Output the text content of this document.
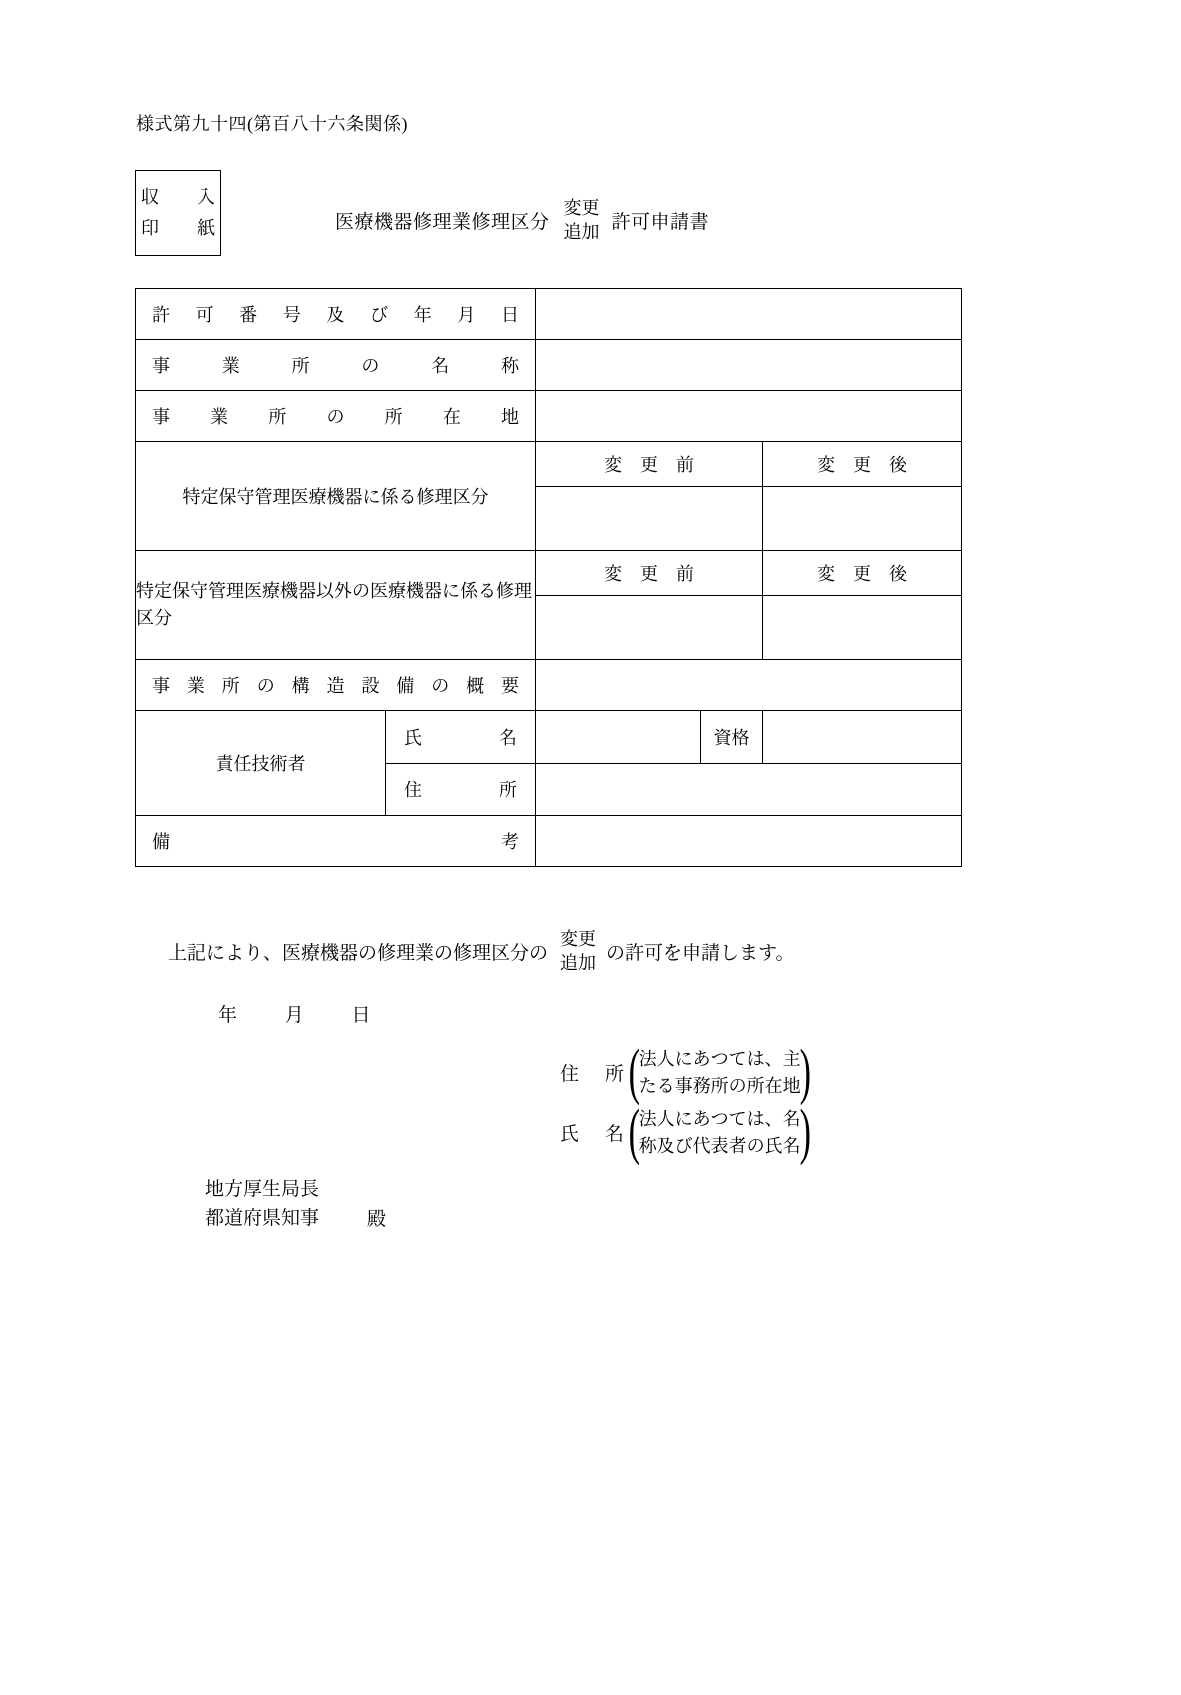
様式第九十四(第百八十六条関係)
収　入
印　紙	医療機器修理業修理区分
変更
追加 許可申請書
許可番号及び年月日				

事業所の名称				

事業所の所在地				

特定保守管理医療機器に係る修理区分		変　更　前		変　更　後

特定保守管理医療機器以外の医療機器に係る修理区分		変　更　前		変　更　後

事業所の構造設備の概要				

責任技術者	氏　　　名		資格	

	住　　　所			

備　　　　考				

上記により、医療機器の修理業の修理区分の
変更
追加 の許可を申請します。
年 月 日
住　所 (
法人にあつては、主
たる事務所の所在地
)
氏　名 (
法人にあつては、名
称及び代表者の氏名
)
地方厚生局長
都道府県知事	殿
